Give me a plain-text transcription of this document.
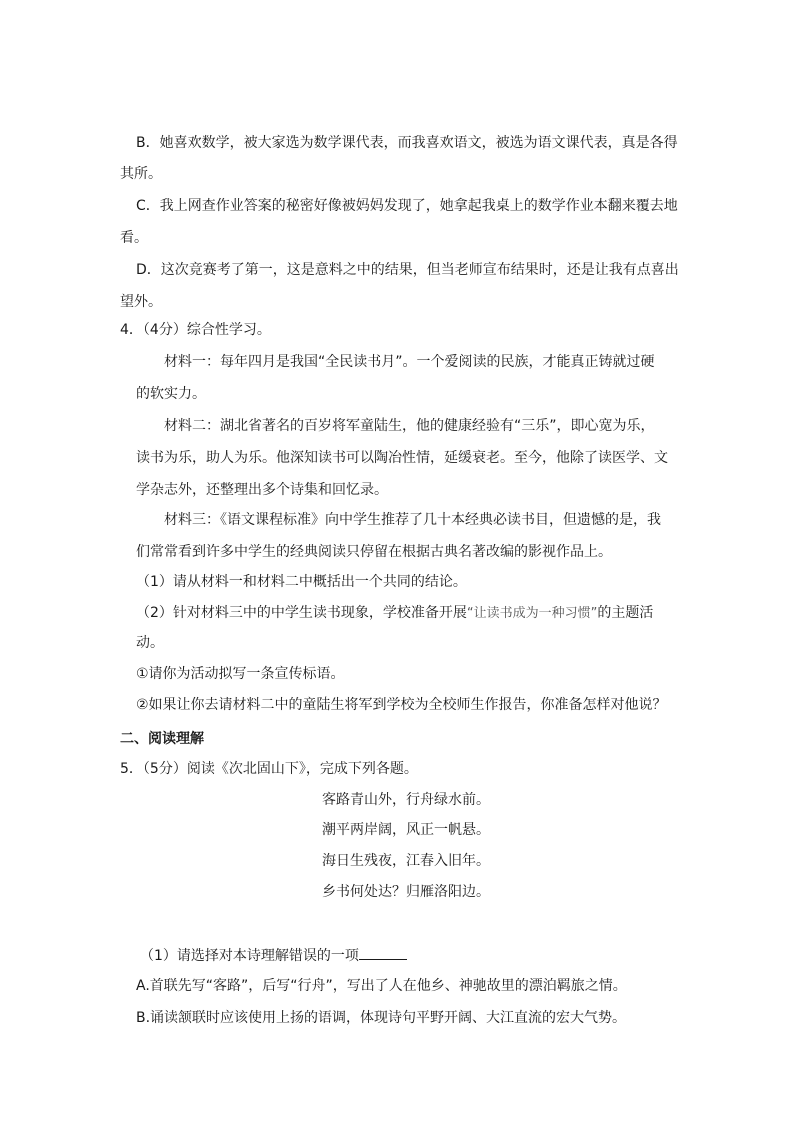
B．她喜欢数学，被大家选为数学课代表，而我喜欢语文，被选为语文课代表，真是各得
其所。
C．我上网查作业答案的秘密好像被妈妈发现了，她拿起我桌上的数学作业本翻来覆去地
看。
D．这次竞赛考了第一，这是意料之中的结果，但当老师宣布结果时，还是让我有点喜出
望外。
4．（4分）综合性学习。
材料一：每年四月是我国“全民读书月”。一个爱阅读的民族，才能真正铸就过硬
的软实力。
材料二：湖北省著名的百岁将军童陆生，他的健康经验有“三乐”，即心宽为乐，
读书为乐，助人为乐。他深知读书可以陶冶性情，延缓衰老。至今，他除了读医学、文
学杂志外，还整理出多个诗集和回忆录。
材料三：《语文课程标准》向中学生推荐了几十本经典必读书目，但遗憾的是，我
们常常看到许多中学生的经典阅读只停留在根据古典名著改编的影视作品上。
（1）请从材料一和材料二中概括出一个共同的结论。
（2）针对材料三中的中学生读书现象，学校准备开展“让读书成为一种习惯”的主题活
动。
①请你为活动拟写一条宣传标语。
②如果让你去请材料二中的童陆生将军到学校为全校师生作报告，你准备怎样对他说？
二、阅读理解
5．（5分）阅读《次北固山下》，完成下列各题。
客路青山外，行舟绿水前。
潮平两岸阔，风正一帆悬。
海日生残夜，江春入旧年。
乡书何处达？归雁洛阳边。
（1）请选择对本诗理解错误的一项
A.首联先写“客路”，后写“行舟”，写出了人在他乡、神驰故里的漂泊羁旅之情。
B.诵读颔联时应该使用上扬的语调，体现诗句平野开阔、大江直流的宏大气势。
